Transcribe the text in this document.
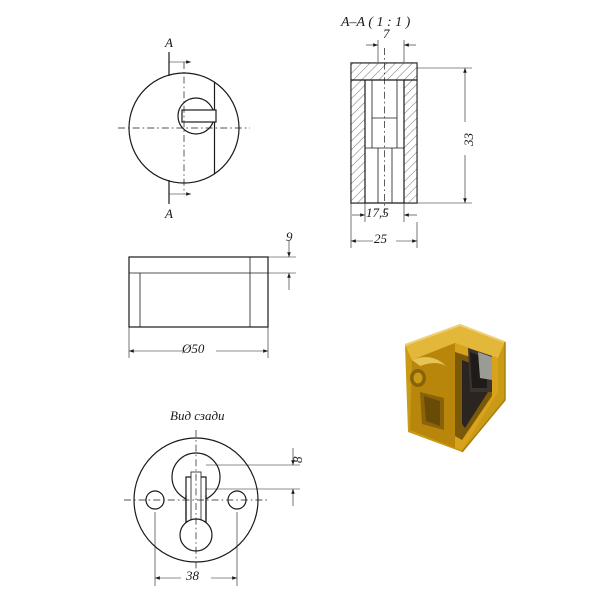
A–A ( 1 : 1 )
A
A
7
33
17,5
25
9
Ø50
Вид сзади
8
38
